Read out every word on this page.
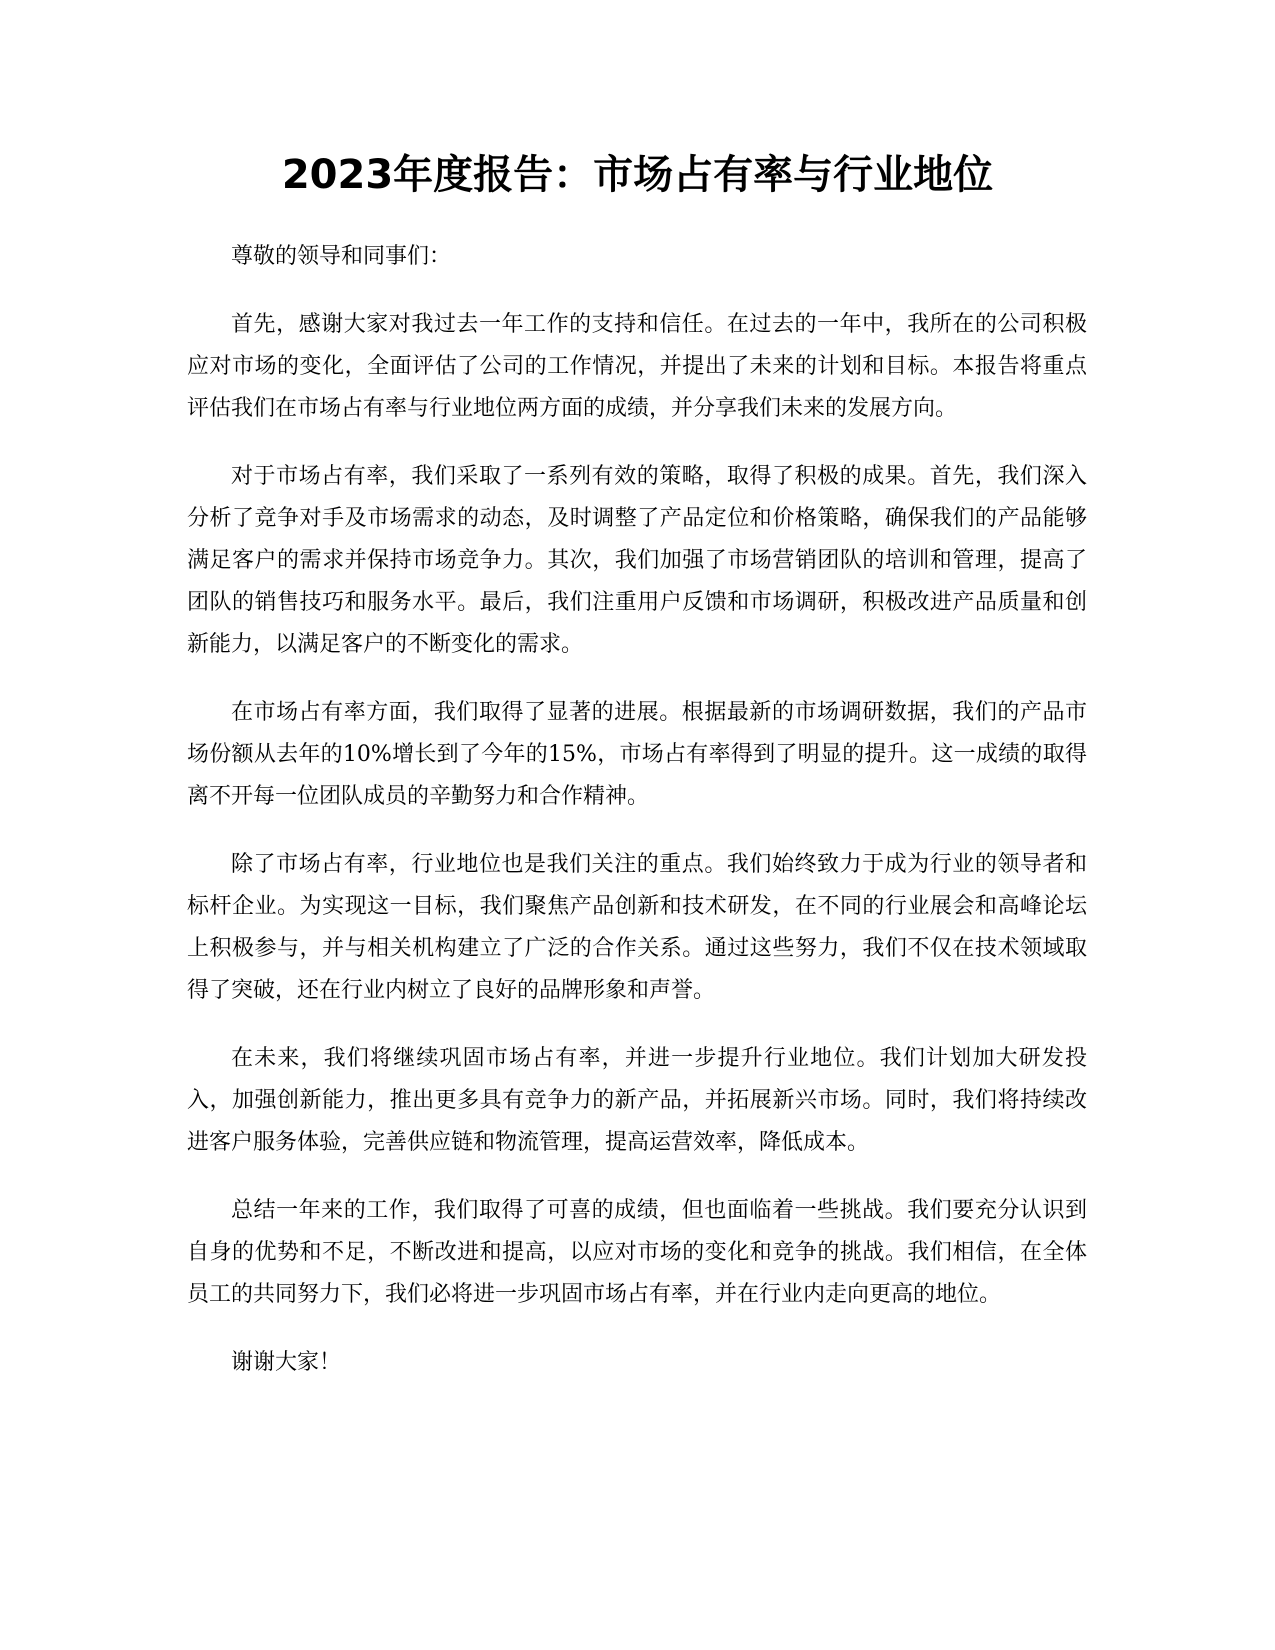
2023年度报告：市场占有率与行业地位

尊敬的领导和同事们：

首先，感谢大家对我过去一年工作的支持和信任。在过去的一年中，我所在的公司积极应对市场的变化，全面评估了公司的工作情况，并提出了未来的计划和目标。本报告将重点评估我们在市场占有率与行业地位两方面的成绩，并分享我们未来的发展方向。

对于市场占有率，我们采取了一系列有效的策略，取得了积极的成果。首先，我们深入分析了竞争对手及市场需求的动态，及时调整了产品定位和价格策略，确保我们的产品能够满足客户的需求并保持市场竞争力。其次，我们加强了市场营销团队的培训和管理，提高了团队的销售技巧和服务水平。最后，我们注重用户反馈和市场调研，积极改进产品质量和创新能力，以满足客户的不断变化的需求。

在市场占有率方面，我们取得了显著的进展。根据最新的市场调研数据，我们的产品市场份额从去年的10%增长到了今年的15%，市场占有率得到了明显的提升。这一成绩的取得离不开每一位团队成员的辛勤努力和合作精神。

除了市场占有率，行业地位也是我们关注的重点。我们始终致力于成为行业的领导者和标杆企业。为实现这一目标，我们聚焦产品创新和技术研发，在不同的行业展会和高峰论坛上积极参与，并与相关机构建立了广泛的合作关系。通过这些努力，我们不仅在技术领域取得了突破，还在行业内树立了良好的品牌形象和声誉。

在未来，我们将继续巩固市场占有率，并进一步提升行业地位。我们计划加大研发投入，加强创新能力，推出更多具有竞争力的新产品，并拓展新兴市场。同时，我们将持续改进客户服务体验，完善供应链和物流管理，提高运营效率，降低成本。

总结一年来的工作，我们取得了可喜的成绩，但也面临着一些挑战。我们要充分认识到自身的优势和不足，不断改进和提高，以应对市场的变化和竞争的挑战。我们相信，在全体员工的共同努力下，我们必将进一步巩固市场占有率，并在行业内走向更高的地位。

谢谢大家！
